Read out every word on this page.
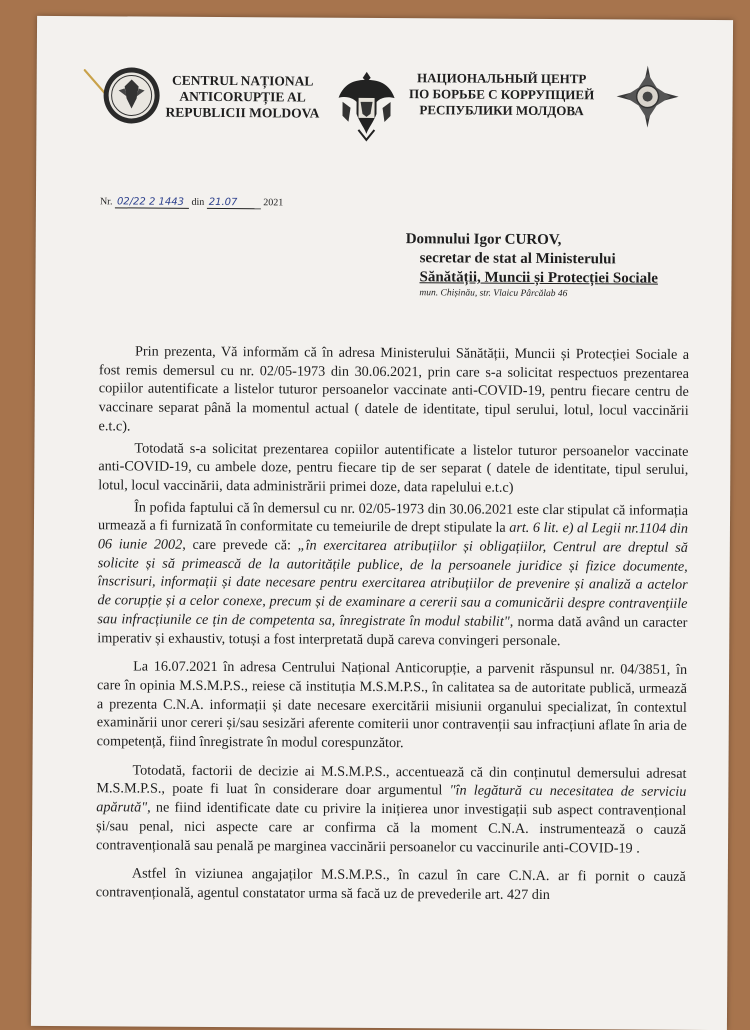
CENTRUL NAȚIONAL
ANTICORUPȚIE AL
REPUBLICII MOLDOVA
НАЦИОНАЛЬНЫЙ ЦЕНТР
ПО БОРЬБЕ С КОРРУПЦИЕЙ
РЕСПУБЛИКИ МОЛДОВА
Nr. 02/22 2 1443 din 21.07	2021
Domnului Igor CUROV,
secretar de stat al Ministerului
Sănătății, Muncii și Protecției Sociale
mun. Chișinău, str. Vlaicu Pârcălab 46

Prin prezenta, Vă informăm că în adresa Ministerului Sănătății, Muncii și Protecției Sociale a fost remis demersul cu nr. 02/05-1973 din 30.06.2021, prin care s-a solicitat respectuos prezentarea copiilor autentificate a listelor tuturor persoanelor vaccinate anti-COVID-19, pentru fiecare centru de vaccinare separat până la momentul actual ( datele de identitate, tipul serului, lotul, locul vaccinării e.t.c).

Totodată s-a solicitat prezentarea copiilor autentificate a listelor tuturor persoanelor vaccinate anti-COVID-19, cu ambele doze, pentru fiecare tip de ser separat ( datele de identitate, tipul serului, lotul, locul vaccinării, data administrării primei doze, data rapelului e.t.c)

În pofida faptului că în demersul cu nr. 02/05-1973 din 30.06.2021 este clar stipulat că informația urmează a fi furnizată în conformitate cu temeiurile de drept stipulate la art. 6 lit. e) al Legii nr.1104 din 06 iunie 2002, care prevede că: „în exercitarea atribuțiilor și obligațiilor, Centrul are dreptul să solicite și să primească de la autoritățile publice, de la persoanele juridice și fizice documente, înscrisuri, informații și date necesare pentru exercitarea atribuțiilor de prevenire și analiză a actelor de corupție și a celor conexe, precum și de examinare a cererii sau a comunicării despre contravențiile sau infracțiunile ce țin de competenta sa, înregistrate în modul stabilit", norma dată având un caracter imperativ și exhaustiv, totuși a fost interpretată după careva convingeri personale.

La 16.07.2021 în adresa Centrului Național Anticorupție, a parvenit răspunsul nr. 04/3851, în care în opinia M.S.M.P.S., reiese că instituția M.S.M.P.S., în calitatea sa de autoritate publică, urmează a prezenta C.N.A. informații și date necesare exercitării misiunii organului specializat, în contextul examinării unor cereri și/sau sesizări aferente comiterii unor contravenții sau infracțiuni aflate în aria de competență, fiind înregistrate în modul corespunzător.

Totodată, factorii de decizie ai M.S.M.P.S., accentuează că din conținutul demersului adresat M.S.M.P.S., poate fi luat în considerare doar argumentul "în legătură cu necesitatea de serviciu apărută", ne fiind identificate date cu privire la inițierea unor investigații sub aspect contravențional și/sau penal, nici aspecte care ar confirma că la moment C.N.A. instrumentează o cauză contravențională sau penală pe marginea vaccinării persoanelor cu vaccinurile anti-COVID-19 .

Astfel în viziunea angajaților M.S.M.P.S., în cazul în care C.N.A. ar fi pornit o cauză contravențională, agentul constatator urma să facă uz de prevederile art. 427 din
